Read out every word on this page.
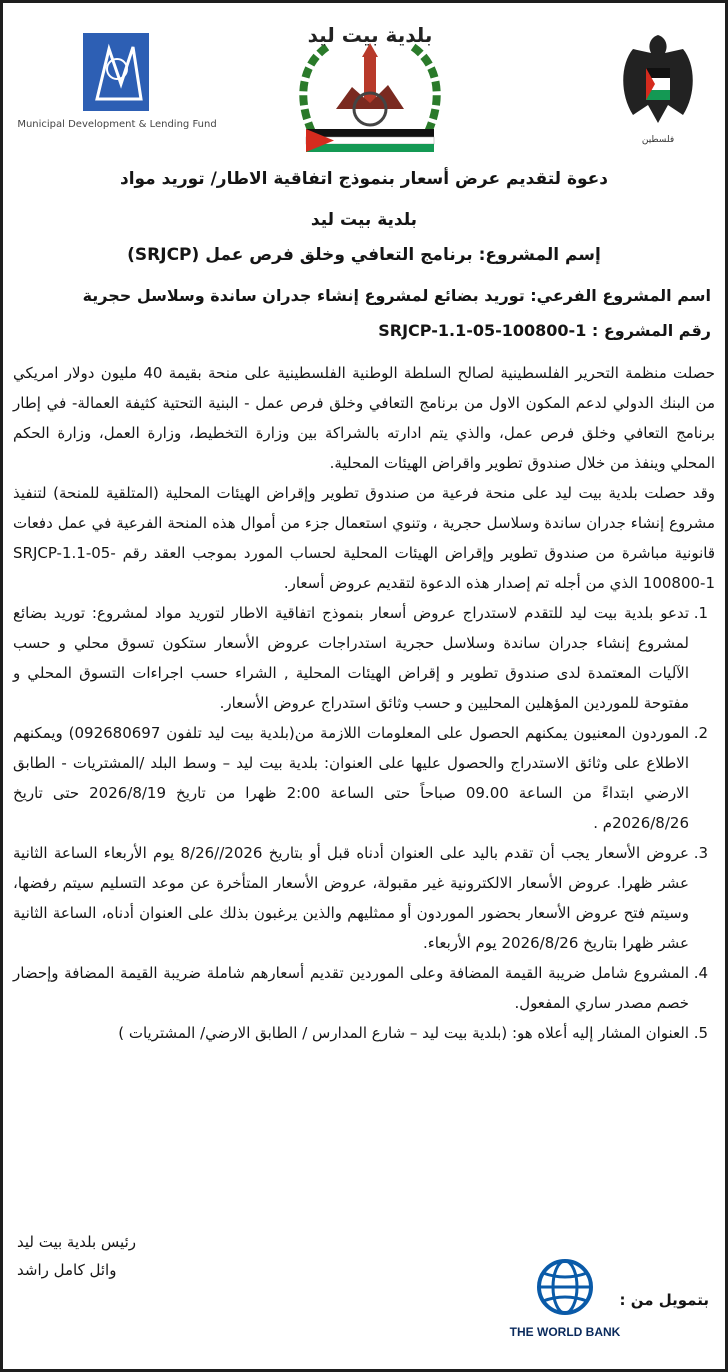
Municipal Development & Lending Fund
بلدية بيت ليد
فلسطين
دعوة لتقديم عرض أسعار بنموذج اتفاقية الاطار/ توريد مواد
بلدية بيت ليد
إسم المشروع: برنامج التعافي وخلق فرص عمل (SRJCP)
اسم المشروع الفرعي: توريد بضائع لمشروع إنشاء جدران ساندة وسلاسل حجرية
رقم المشروع : SRJCP-1.1-05-100800-1

حصلت منظمة التحرير الفلسطينية لصالح السلطة الوطنية الفلسطينية على منحة بقيمة 40 مليون دولار امريكي من البنك الدولي لدعم المكون الاول من برنامج التعافي وخلق فرص عمل - البنية التحتية كثيفة العمالة- في إطار برنامج التعافي وخلق فرص عمل، والذي يتم ادارته بالشراكة بين وزارة التخطيط، وزارة العمل، وزارة الحكم المحلي وينفذ من خلال صندوق تطوير واقراض الهيئات المحلية.

وقد حصلت بلدية بيت ليد على منحة فرعية من صندوق تطوير وإقراض الهيئات المحلية (المتلقية للمنحة) لتنفيذ مشروع إنشاء جدران ساندة وسلاسل حجرية ، وتنوي استعمال جزء من أموال هذه المنحة الفرعية في عمل دفعات قانونية مباشرة من صندوق تطوير وإقراض الهيئات المحلية لحساب المورد بموجب العقد رقم SRJCP-1.1-05-100800-1 الذي من أجله تم إصدار هذه الدعوة لتقديم عروض أسعار.

1. تدعو بلدية بيت ليد للتقدم لاستدراج عروض أسعار بنموذج اتفاقية الاطار لتوريد مواد لمشروع: توريد بضائع لمشروع إنشاء جدران ساندة وسلاسل حجرية استدراجات عروض الأسعار ستكون تسوق محلي و حسب الآليات المعتمدة لدى صندوق تطوير و إقراض الهيئات المحلية , الشراء حسب اجراءات التسوق المحلي و مفتوحة للموردين المؤهلين المحليين و حسب وثائق استدراج عروض الأسعار.
2. الموردون المعنيون يمكنهم الحصول على المعلومات اللازمة من(بلدية بيت ليد تلفون 092680697) ويمكنهم الاطلاع على وثائق الاستدراج والحصول عليها على العنوان: بلدية بيت ليد – وسط البلد /المشتريات - الطابق الارضي ابتداءً من الساعة 09.00 صباحاً حتى الساعة 2:00 ظهرا من تاريخ 2026/8/19 حتى تاريخ 2026/8/26م .
3. عروض الأسعار يجب أن تقدم باليد على العنوان أدناه قبل أو بتاريخ 2026//8/26 يوم الأربعاء الساعة الثانية عشر ظهرا. عروض الأسعار الالكترونية غير مقبولة، عروض الأسعار المتأخرة عن موعد التسليم سيتم رفضها، وسيتم فتح عروض الأسعار بحضور الموردون أو ممثليهم والذين يرغبون بذلك على العنوان أدناه، الساعة الثانية عشر ظهرا بتاريخ 2026/8/26 يوم الأربعاء.
4. المشروع شامل ضريبة القيمة المضافة وعلى الموردين تقديم أسعارهم شاملة ضريبة القيمة المضافة وإحضار خصم مصدر ساري المفعول.
5. العنوان المشار إليه أعلاه هو: (بلدية بيت ليد – شارع المدارس / الطابق الارضي/ المشتريات )
رئيس بلدية بيت ليد
وائل كامل راشد
بتمويل من :
THE WORLD BANK
